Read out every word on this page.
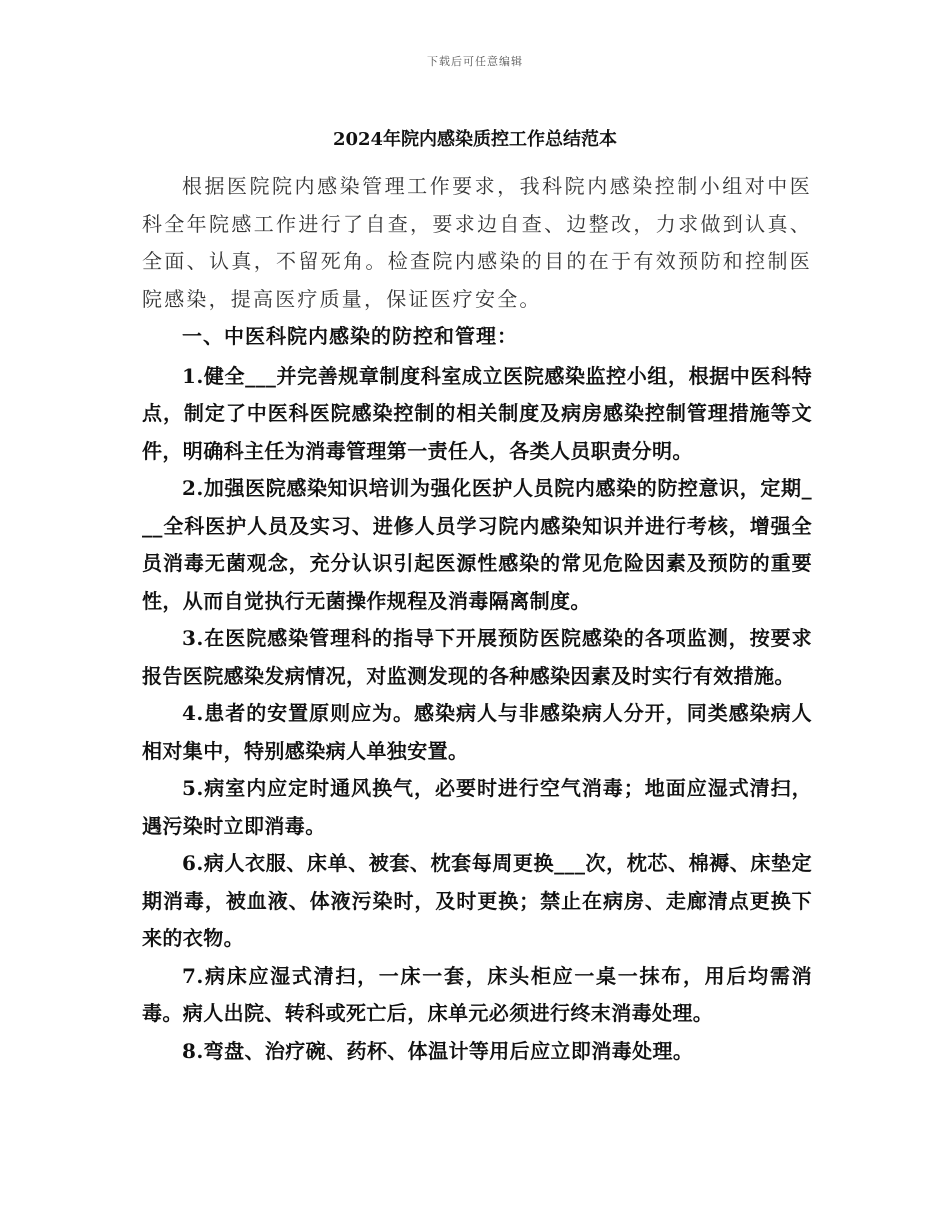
下载后可任意编辑
2024年院内感染质控工作总结范本

根据医院院内感染管理工作要求，我科院内感染控制小组对中医科全年院感工作进行了自查，要求边自查、边整改，力求做到认真、全面、认真，不留死角。检查院内感染的目的在于有效预防和控制医院感染，提高医疗质量，保证医疗安全。

一、中医科院内感染的防控和管理：

1.健全___并完善规章制度科室成立医院感染监控小组，根据中医科特点，制定了中医科医院感染控制的相关制度及病房感染控制管理措施等文件，明确科主任为消毒管理第一责任人，各类人员职责分明。

2.加强医院感染知识培训为强化医护人员院内感染的防控意识，定期___全科医护人员及实习、进修人员学习院内感染知识并进行考核，增强全员消毒无菌观念，充分认识引起医源性感染的常见危险因素及预防的重要性，从而自觉执行无菌操作规程及消毒隔离制度。

3.在医院感染管理科的指导下开展预防医院感染的各项监测，按要求报告医院感染发病情况，对监测发现的各种感染因素及时实行有效措施。

4.患者的安置原则应为。感染病人与非感染病人分开，同类感染病人相对集中，特别感染病人单独安置。

5.病室内应定时通风换气，必要时进行空气消毒；地面应湿式清扫，遇污染时立即消毒。

6.病人衣服、床单、被套、枕套每周更换___次，枕芯、棉褥、床垫定期消毒，被血液、体液污染时，及时更换；禁止在病房、走廊清点更换下来的衣物。

7.病床应湿式清扫，一床一套，床头柜应一桌一抹布，用后均需消毒。病人出院、转科或死亡后，床单元必须进行终末消毒处理。

8.弯盘、治疗碗、药杯、体温计等用后应立即消毒处理。
